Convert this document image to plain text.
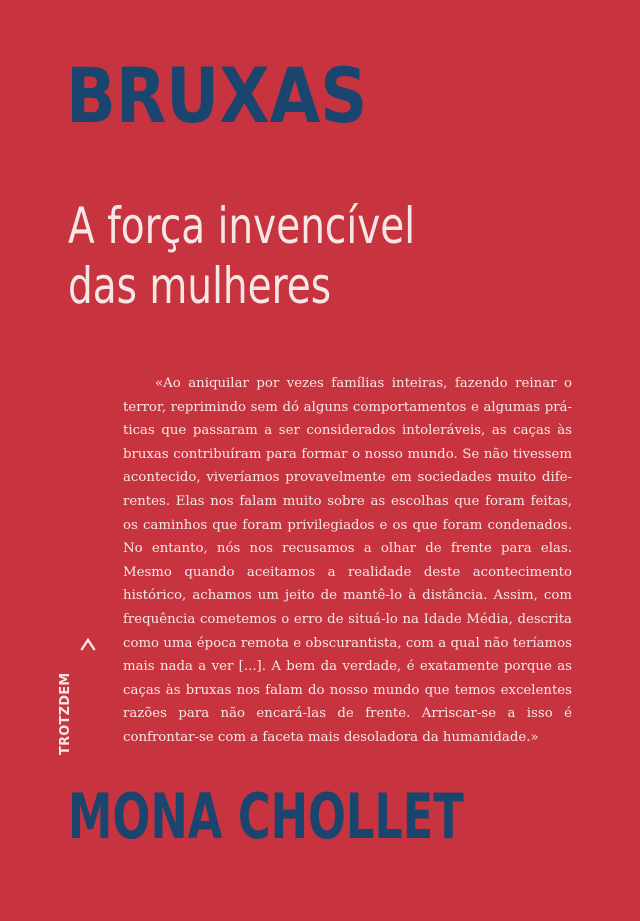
BRUXAS
A força invencível
das mulheres

«Ao aniquilar por vezes famílias inteiras, fazendo reinar o terror, reprimindo sem dó alguns comportamentos e algumas práticas que passaram a ser considerados intoleráveis, as caças às bruxas contribuíram para formar o nosso mundo. Se não tivessem acontecido, viveríamos provavelmente em sociedades muito diferentes. Elas nos falam muito sobre as escolhas que foram feitas, os caminhos que foram privilegiados e os que foram condenados. No entanto, nós nos recusamos a olhar de frente para elas. Mesmo quando aceitamos a realidade deste acontecimento histórico, achamos um jeito de mantê-lo à distância. Assim, com frequência cometemos o erro de situá-lo na Idade Média, descrita como uma época remota e obscurantista, com a qual não teríamos mais nada a ver [...]. A bem da verdade, é exatamente porque as caças às bruxas nos falam do nosso mundo que temos excelentes razões para não encará-las de frente. Arriscar-se a isso é confrontar-se com a faceta mais desoladora da humanidade.»

TROTZDEM
MONA CHOLLET
